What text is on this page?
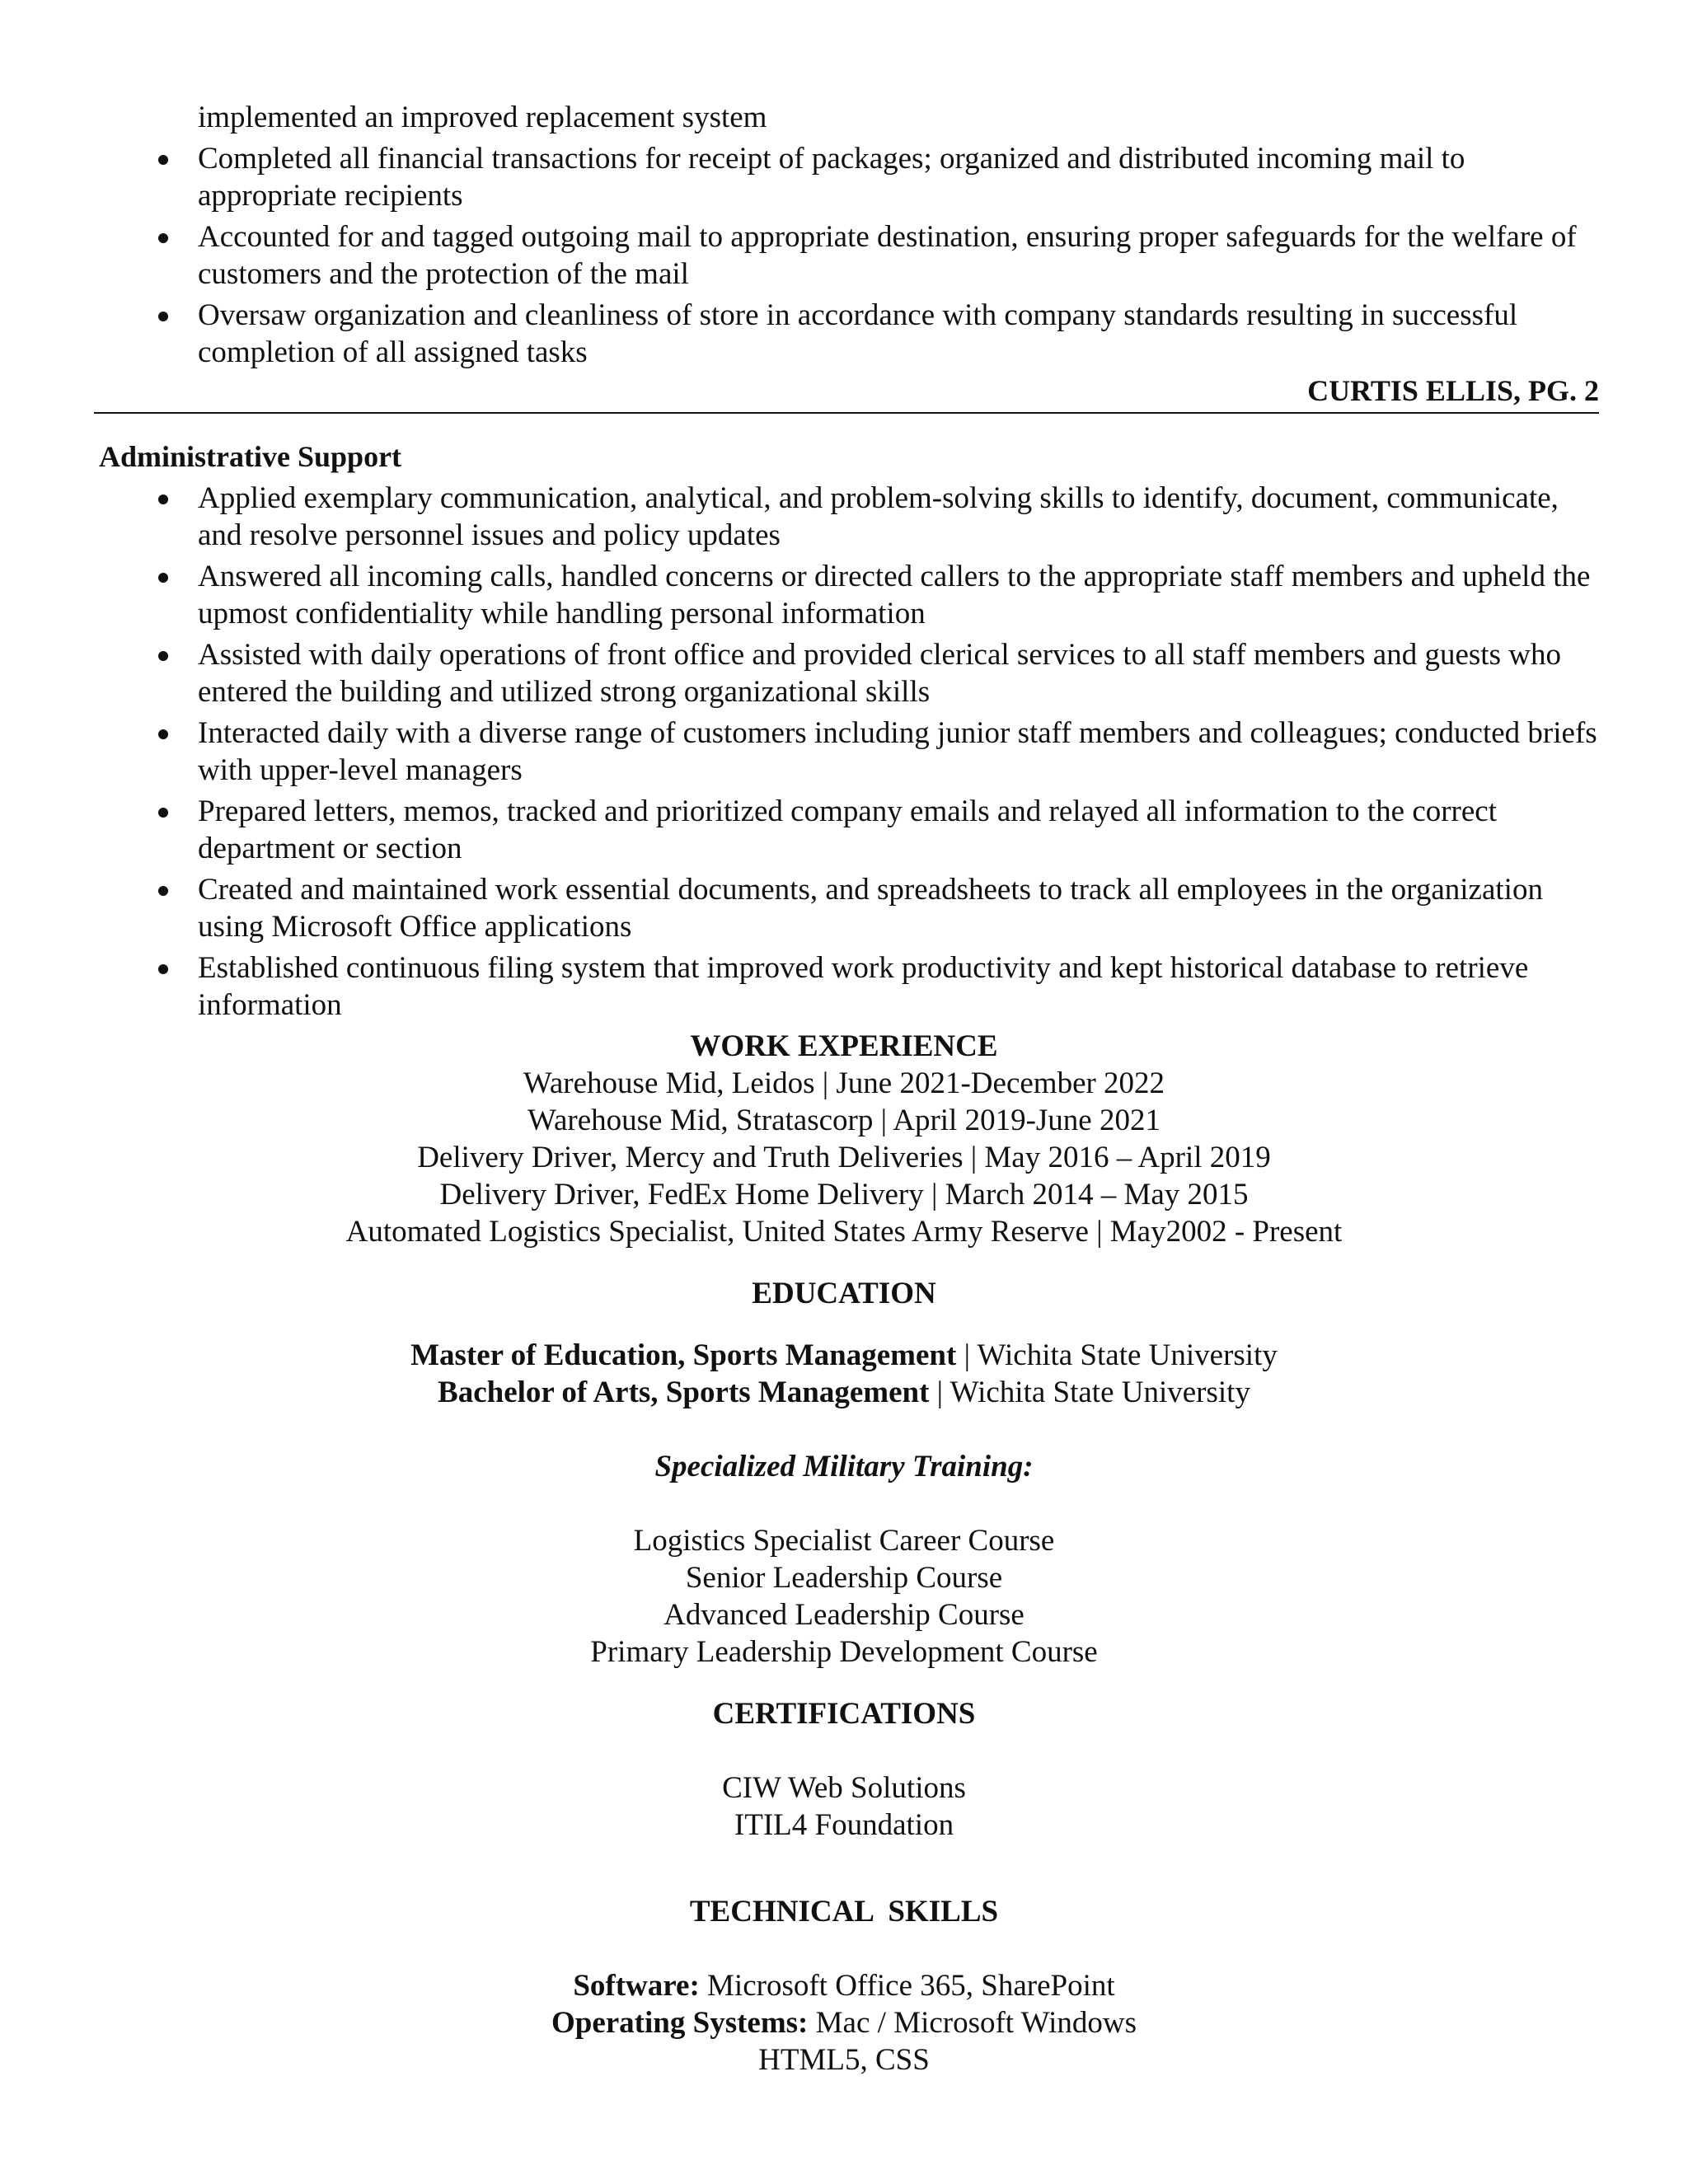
implemented an improved replacement system
Completed all financial transactions for receipt of packages; organized and distributed incoming mail to appropriate recipients
Accounted for and tagged outgoing mail to appropriate destination, ensuring proper safeguards for the welfare of customers and the protection of the mail
Oversaw organization and cleanliness of store in accordance with company standards resulting in successful completion of all assigned tasks
CURTIS ELLIS, PG. 2
Administrative Support
Applied exemplary communication, analytical, and problem-solving skills to identify, document, communicate, and resolve personnel issues and policy updates
Answered all incoming calls, handled concerns or directed callers to the appropriate staff members and upheld the upmost confidentiality while handling personal information
Assisted with daily operations of front office and provided clerical services to all staff members and guests who entered the building and utilized strong organizational skills
Interacted daily with a diverse range of customers including junior staff members and colleagues; conducted briefs with upper-level managers
Prepared letters, memos, tracked and prioritized company emails and relayed all information to the correct department or section
Created and maintained work essential documents, and spreadsheets to track all employees in the organization using Microsoft Office applications
Established continuous filing system that improved work productivity and kept historical database to retrieve information
WORK EXPERIENCE
Warehouse Mid, Leidos | June 2021-December 2022
Warehouse Mid, Stratascorp | April 2019-June 2021
Delivery Driver, Mercy and Truth Deliveries | May 2016 – April 2019
Delivery Driver, FedEx Home Delivery | March 2014 – May 2015
Automated Logistics Specialist, United States Army Reserve | May2002 - Present
EDUCATION
Master of Education, Sports Management | Wichita State University
Bachelor of Arts, Sports Management | Wichita State University
Specialized Military Training:
Logistics Specialist Career Course
Senior Leadership Course
Advanced Leadership Course
Primary Leadership Development Course
CERTIFICATIONS
CIW Web Solutions
ITIL4 Foundation
TECHNICAL  SKILLS
Software: Microsoft Office 365, SharePoint
Operating Systems: Mac / Microsoft Windows
HTML5, CSS
